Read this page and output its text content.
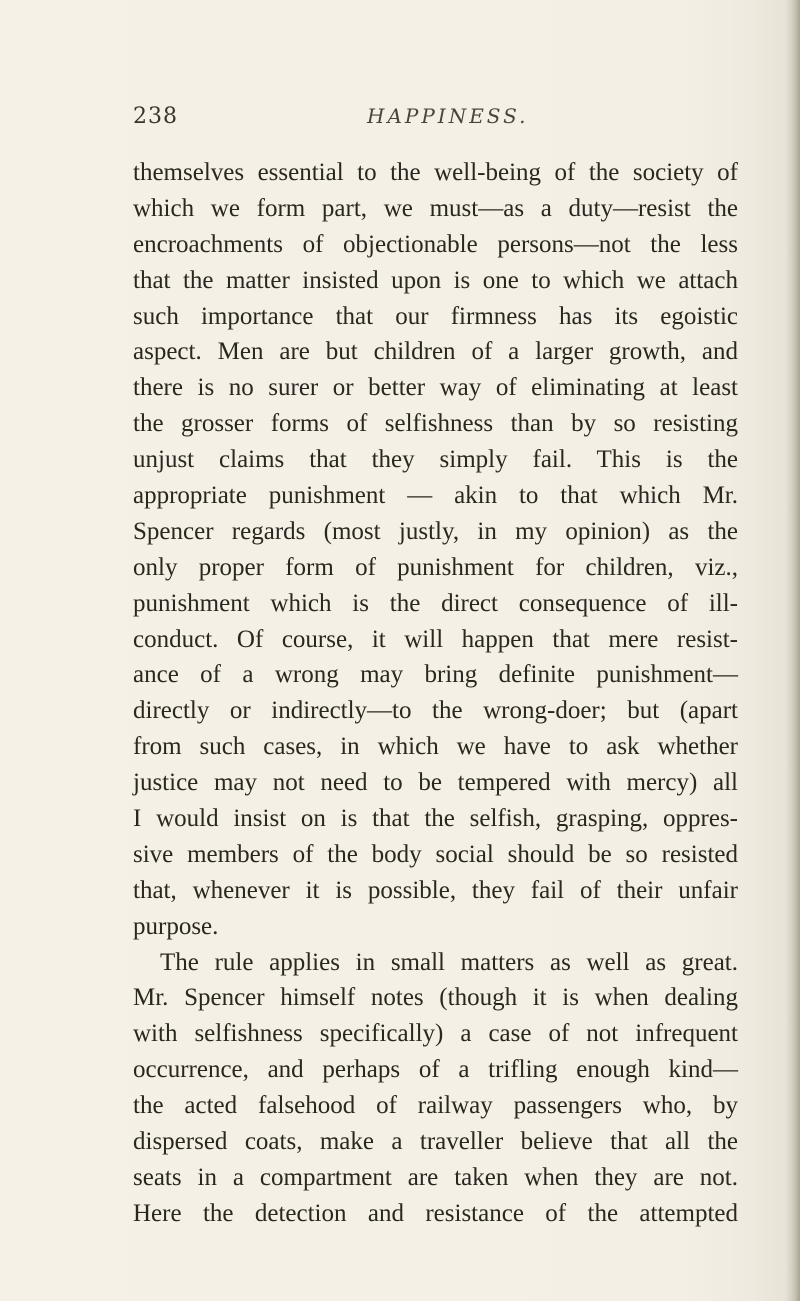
238	HAPPINESS.
themselves essential to the well-being of the society of
which we form part, we must—as a duty—resist the
encroachments of objectionable persons—not the less
that the matter insisted upon is one to which we attach
such importance that our firmness has its egoistic
aspect. Men are but children of a larger growth, and
there is no surer or better way of eliminating at least
the grosser forms of selfishness than by so resisting
unjust claims that they simply fail. This is the
appropriate punishment — akin to that which Mr.
Spencer regards (most justly, in my opinion) as the
only proper form of punishment for children, viz.,
punishment which is the direct consequence of ill-
conduct. Of course, it will happen that mere resist-
ance of a wrong may bring definite punishment—
directly or indirectly—to the wrong-doer; but (apart
from such cases, in which we have to ask whether
justice may not need to be tempered with mercy) all
I would insist on is that the selfish, grasping, oppres-
sive members of the body social should be so resisted
that, whenever it is possible, they fail of their unfair
purpose.
The rule applies in small matters as well as great.
Mr. Spencer himself notes (though it is when dealing
with selfishness specifically) a case of not infrequent
occurrence, and perhaps of a trifling enough kind—
the acted falsehood of railway passengers who, by
dispersed coats, make a traveller believe that all the
seats in a compartment are taken when they are not.
Here the detection and resistance of the attempted
